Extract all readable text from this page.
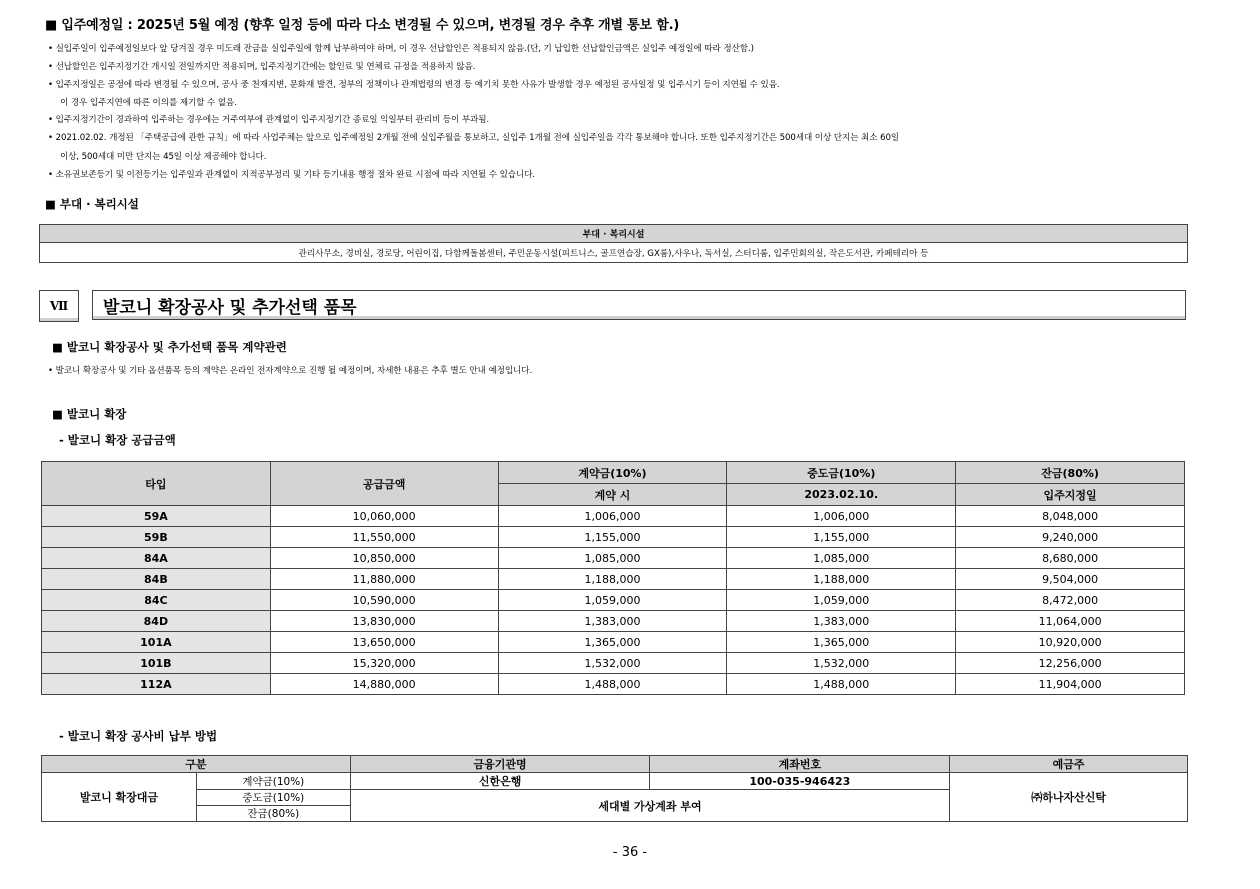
■ 입주예정일 : 2025년 5월 예정 (향후 일정 등에 따라 다소 변경될 수 있으며, 변경될 경우 추후 개별 통보 함.)
• 실입주일이 입주예정일보다 앞 당겨질 경우 미도래 잔금을 실입주일에 함께 납부하여야 하며, 이 경우 선납할인은 적용되지 않음.(단, 기 납입한 선납할인금액은 실입주 예정일에 따라 정산함.)
• 선납할인은 입주지정기간 개시일 전일까지만 적용되며, 입주지정기간에는 할인료 및 연체료 규정을 적용하지 않음.
• 입주지정일은 공정에 따라 변경될 수 있으며, 공사 중 천재지변, 문화재 발견, 정부의 정책이나 관계법령의 변경 등 예기치 못한 사유가 발생할 경우 예정된 공사일정 및 입주시기 등이 지연될 수 있음.
이 경우 입주지연에 따른 이의를 제기할 수 없음.
• 입주지정기간이 경과하여 입주하는 경우에는 거주여부에 관계없이 입주지정기간 종료일 익일부터 관리비 등이 부과됨.
• 2021.02.02. 개정된 「주택공급에 관한 규칙」에 따라 사업주체는 앞으로 입주예정일 2개월 전에 실입주월을 통보하고, 실입주 1개월 전에 실입주일을 각각 통보해야 합니다. 또한 입주지정기간은 500세대 이상 단지는 최소 60일
이상, 500세대 미만 단지는 45일 이상 제공해야 합니다.
• 소유권보존등기 및 이전등기는 입주일과 관계없이 지적공부정리 및 기타 등기내용 행정 절차 완료 시점에 따라 지연될 수 있습니다.
■ 부대 · 복리시설
부대 · 복리시설
관리사무소, 경비실, 경로당, 어린이집, 다함께돌봄센터, 주민운동시설(피트니스, 골프연습장, GX룸),사우나, 독서실, 스터디룸, 입주민회의실, 작은도서관, 카페테리아 등
Ⅶ	발코니 확장공사 및 추가선택 품목
■ 발코니 확장공사 및 추가선택 품목 계약관련
• 발코니 확장공사 및 기타 옵션품목 등의 계약은 온라인 전자계약으로 진행 될 예정이며, 자세한 내용은 추후 별도 안내 예정입니다.
■ 발코니 확장
- 발코니 확장 공급금액
타입	공급금액	계약금(10%)	중도금(10%)	잔금(80%)
		계약 시	2023.02.10.	입주지정일
59A	10,060,000	1,006,000	1,006,000	8,048,000
59B	11,550,000	1,155,000	1,155,000	9,240,000
84A	10,850,000	1,085,000	1,085,000	8,680,000
84B	11,880,000	1,188,000	1,188,000	9,504,000
84C	10,590,000	1,059,000	1,059,000	8,472,000
84D	13,830,000	1,383,000	1,383,000	11,064,000
101A	13,650,000	1,365,000	1,365,000	10,920,000
101B	15,320,000	1,532,000	1,532,000	12,256,000
112A	14,880,000	1,488,000	1,488,000	11,904,000
- 발코니 확장 공사비 납부 방법
구분		금융기관명	계좌번호	예금주
발코니 확장대금	계약금(10%)	신한은행	100-035-946423	㈜하나자산신탁
	중도금(10%)	세대별 가상계좌 부여		
	잔금(80%)			
- 36 -
